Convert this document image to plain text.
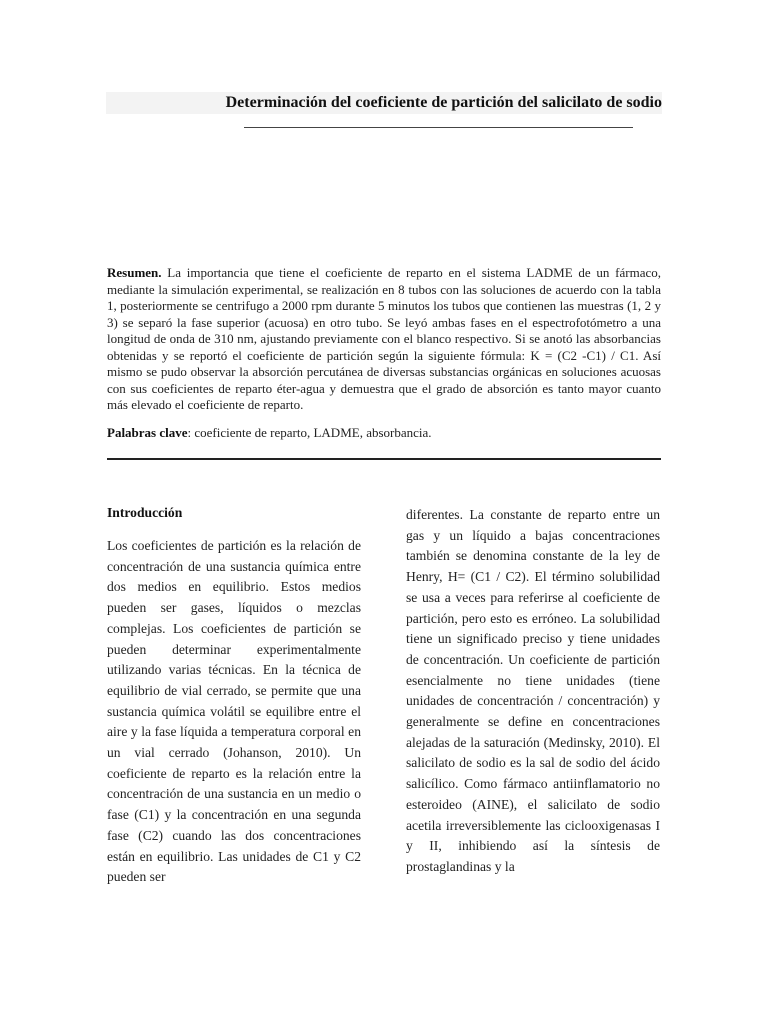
Determinación del coeficiente de partición del salicilato de sodio

Resumen. La importancia que tiene el coeficiente de reparto en el sistema LADME de un fármaco, mediante la simulación experimental, se realización en 8 tubos con las soluciones de acuerdo con la tabla 1, posteriormente se centrifugo a 2000 rpm durante 5 minutos los tubos que contienen las muestras (1, 2 y 3) se separó la fase superior (acuosa) en otro tubo. Se leyó ambas fases en el espectrofotómetro a una longitud de onda de 310 nm, ajustando previamente con el blanco respectivo. Si se anotó las absorbancias obtenidas y se reportó el coeficiente de partición según la siguiente fórmula: K = (C2 -C1) / C1. Así mismo se pudo observar la absorción percutánea de diversas substancias orgánicas en soluciones acuosas con sus coeficientes de reparto éter-agua y demuestra que el grado de absorción es tanto mayor cuanto más elevado el coeficiente de reparto.

Palabras clave: coeficiente de reparto, LADME, absorbancia.

Introducción

Los coeficientes de partición es la relación de concentración de una sustancia química entre dos medios en equilibrio. Estos medios pueden ser gases, líquidos o mezclas complejas. Los coeficientes de partición se pueden determinar experimentalmente utilizando varias técnicas. En la técnica de equilibrio de vial cerrado, se permite que una sustancia química volátil se equilibre entre el aire y la fase líquida a temperatura corporal en un vial cerrado (Johanson, 2010). Un coeficiente de reparto es la relación entre la concentración de una sustancia en un medio o fase (C1) y la concentración en una segunda fase (C2) cuando las dos concentraciones están en equilibrio. Las unidades de C1 y C2 pueden ser

diferentes. La constante de reparto entre un gas y un líquido a bajas concentraciones también se denomina constante de la ley de Henry, H= (C1 / C2). El término solubilidad se usa a veces para referirse al coeficiente de partición, pero esto es erróneo. La solubilidad tiene un significado preciso y tiene unidades de concentración. Un coeficiente de partición esencialmente no tiene unidades (tiene unidades de concentración / concentración) y generalmente se define en concentraciones alejadas de la saturación (Medinsky, 2010). El salicilato de sodio es la sal de sodio del ácido salicílico. Como fármaco antiinflamatorio no esteroideo (AINE), el salicilato de sodio acetila irreversiblemente las ciclooxigenasas I y II, inhibiendo así la síntesis de prostaglandinas y la
